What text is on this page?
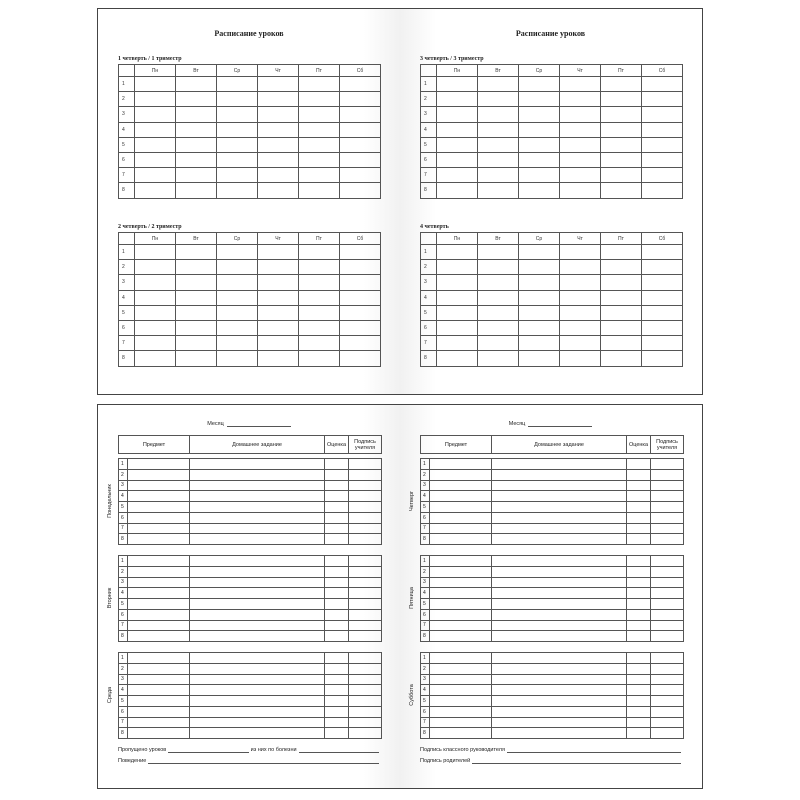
Расписание уроков
1 четверть / 1 триместр
	Пн	Вт	Ср	Чт	Пт	Сб
1						
2						
3						
4						
5						
6						
7						
8						
2 четверть / 2 триместр
	Пн	Вт	Ср	Чт	Пт	Сб
1						
2						
3						
4						
5						
6						
7						
8						
Расписание уроков
3 четверть / 3 триместр
	Пн	Вт	Ср	Чт	Пт	Сб
1						
2						
3						
4						
5						
6						
7						
8						
4 четверть
	Пн	Вт	Ср	Чт	Пт	Сб
1						
2						
3						
4						
5						
6						
7						
8						
Месяц
Пропущено уроков	из них по болезни
Поведение
Предмет	Домашнее задание	Оценка	Подпись учителя
Понедельник
1				
2				
3				
4				
5				
6				
7				
8				
Вторник
1				
2				
3				
4				
5				
6				
7				
8				
Среда
1				
2				
3				
4				
5				
6				
7				
8				
Месяц
Подпись классного руководителя
Подпись родителей
Предмет	Домашнее задание	Оценка	Подпись учителя
Четверг
1				
2				
3				
4				
5				
6				
7				
8				
Пятница
1				
2				
3				
4				
5				
6				
7				
8				
Суббота
1				
2				
3				
4				
5				
6				
7				
8				
